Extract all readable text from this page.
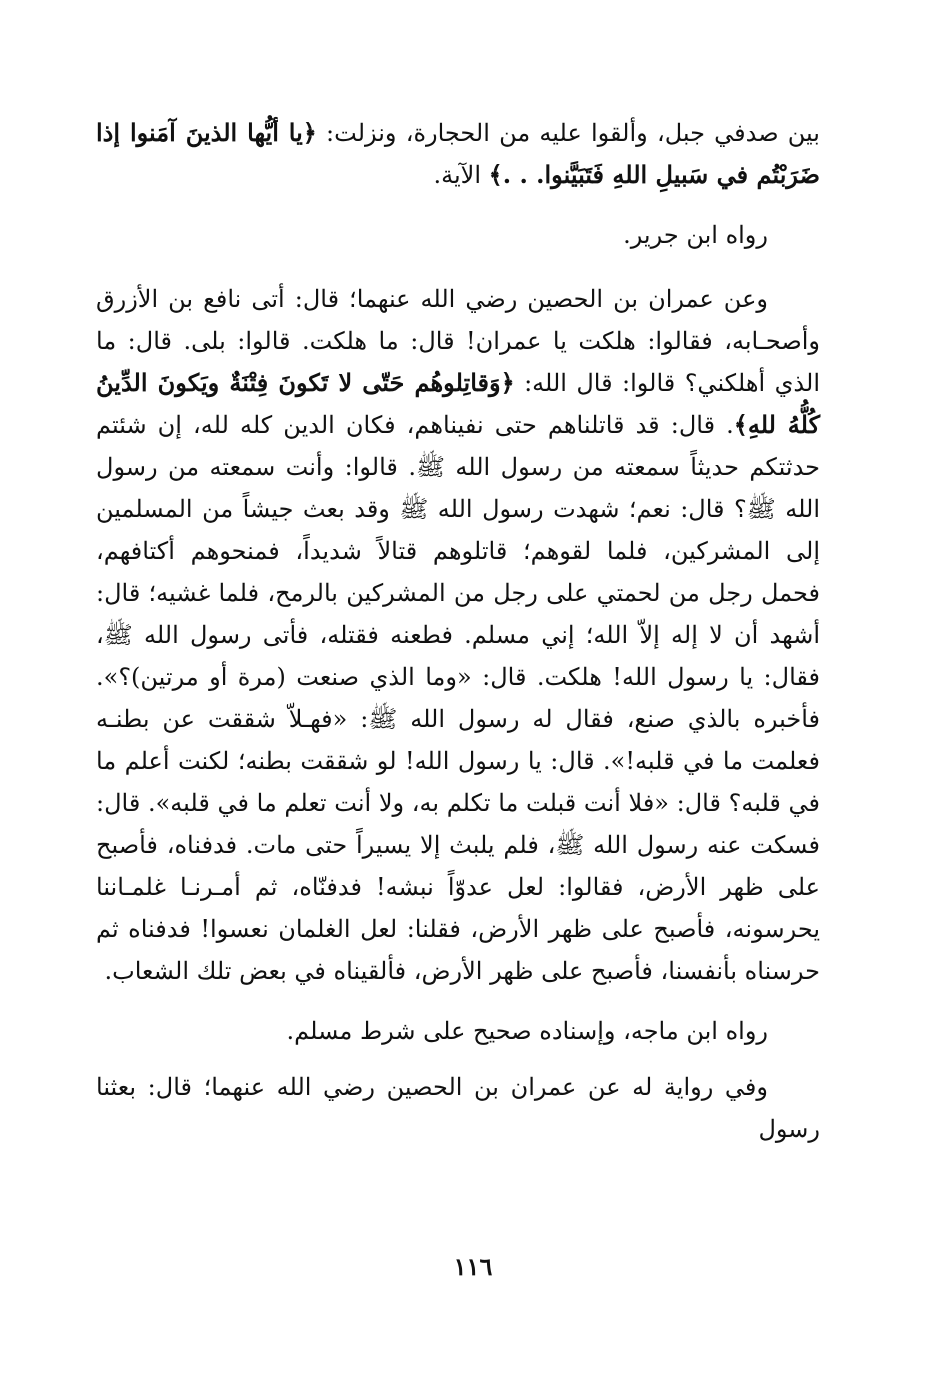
بين صدفي جبل، وألقوا عليه من الحجارة، ونزلت: ﴿يا أيُّها الذينَ آمَنوا إذا ضَرَبْتُم في سَبيلِ اللهِ فَتَبَيَّنوا. . .﴾ الآية.

رواه ابن جرير.

وعن عمران بن الحصين رضي الله عنهما؛ قال: أتى نافع بن الأزرق وأصحـابه، فقالوا: هلكت يا عمران! قال: ما هلكت. قالوا: بلى. قال: ما الذي أهلكني؟ قالوا: قال الله: ﴿وَقاتِلوهُم حَتّى لا تَكونَ فِتْنَةٌ ويَكونَ الدِّينُ كُلُّهُ للهِ﴾. قال: قد قاتلناهم حتى نفيناهم، فكان الدين كله لله، إن شئتم حدثتكم حديثاً سمعته من رسول الله ﷺ. قالوا: وأنت سمعته من رسول الله ﷺ؟ قال: نعم؛ شهدت رسول الله ﷺ وقد بعث جيشاً من المسلمين إلى المشركين، فلما لقوهم؛ قاتلوهم قتالاً شديداً، فمنحوهم أكتافهم، فحمل رجل من لحمتي على رجل من المشركين بالرمح، فلما غشيه؛ قال: أشهد أن لا إله إلاّ الله؛ إني مسلم. فطعنه فقتله، فأتى رسول الله ﷺ، فقال: يا رسول الله! هلكت. قال: «وما الذي صنعت (مرة أو مرتين)؟». فأخبره بالذي صنع، فقال له رسول الله ﷺ: «فهـلاّ شققت عن بطنـه فعلمت ما في قلبه!». قال: يا رسول الله! لو شققت بطنه؛ لكنت أعلم ما في قلبه؟ قال: «فلا أنت قبلت ما تكلم به، ولا أنت تعلم ما في قلبه». قال: فسكت عنه رسول الله ﷺ، فلم يلبث إلا يسيراً حتى مات. فدفناه، فأصبح على ظهر الأرض، فقالوا: لعل عدوّاً نبشه! فدفنّاه، ثم أمـرنـا غلمـاننا يحرسونه، فأصبح على ظهر الأرض، فقلنا: لعل الغلمان نعسوا! فدفناه ثم حرسناه بأنفسنا، فأصبح على ظهر الأرض، فألقيناه في بعض تلك الشعاب.

رواه ابن ماجه، وإسناده صحيح على شرط مسلم.

وفي رواية له عن عمران بن الحصين رضي الله عنهما؛ قال: بعثنا رسول

١١٦
